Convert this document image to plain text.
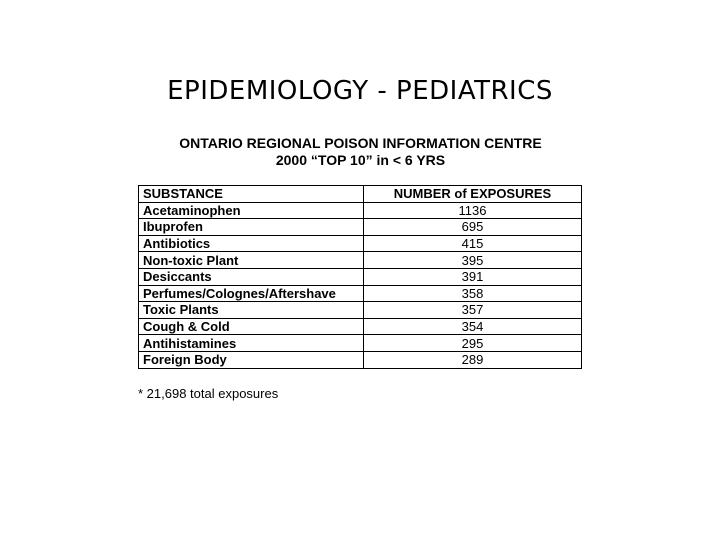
EPIDEMIOLOGY - PEDIATRICS
ONTARIO REGIONAL POISON INFORMATION CENTRE
2000 “TOP 10” in < 6 YRS
SUBSTANCE	NUMBER of EXPOSURES
Acetaminophen	1136
Ibuprofen	695
Antibiotics	415
Non-toxic Plant	395
Desiccants	391
Perfumes/Colognes/Aftershave	358
Toxic Plants	357
Cough & Cold	354
Antihistamines	295
Foreign Body	289
* 21,698 total exposures
